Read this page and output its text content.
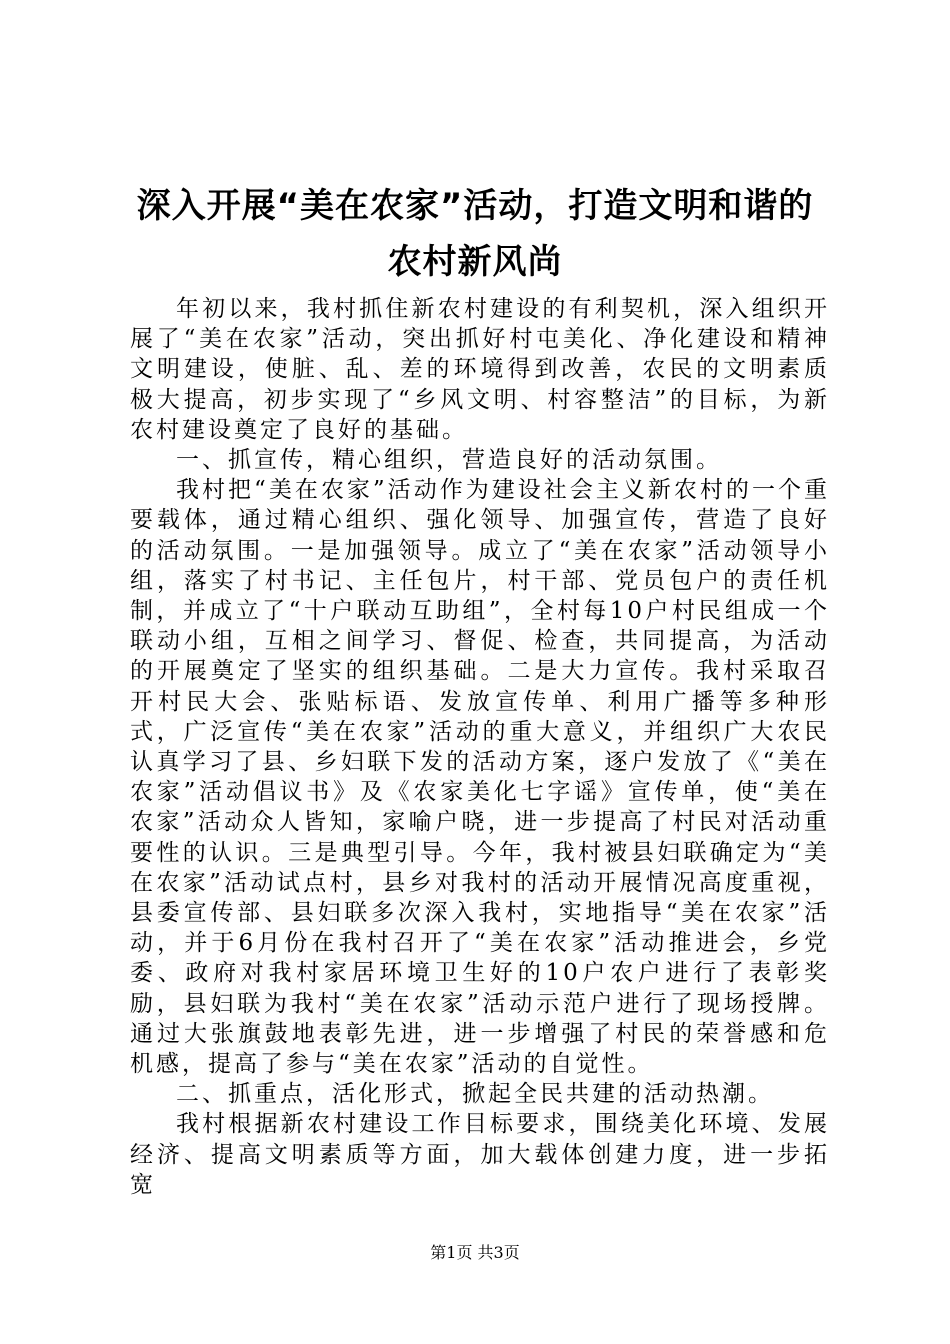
深入开展“美在农家”活动，打造文明和谐的
农村新风尚

年初以来，我村抓住新农村建设的有利契机，深入组织开展了“美在农家”活动，突出抓好村屯美化、净化建设和精神文明建设，使脏、乱、差的环境得到改善，农民的文明素质极大提高，初步实现了“乡风文明、村容整洁”的目标，为新农村建设奠定了良好的基础。

一、抓宣传，精心组织，营造良好的活动氛围。

我村把“美在农家”活动作为建设社会主义新农村的一个重要载体，通过精心组织、强化领导、加强宣传，营造了良好的活动氛围。一是加强领导。成立了“美在农家”活动领导小组，落实了村书记、主任包片，村干部、党员包户的责任机制，并成立了“十户联动互助组”，全村每10户村民组成一个联动小组，互相之间学习、督促、检查，共同提高，为活动的开展奠定了坚实的组织基础。二是大力宣传。我村采取召开村民大会、张贴标语、发放宣传单、利用广播等多种形式，广泛宣传“美在农家”活动的重大意义，并组织广大农民认真学习了县、乡妇联下发的活动方案，逐户发放了《“美在农家”活动倡议书》及《农家美化七字谣》宣传单，使“美在农家”活动众人皆知，家喻户晓，进一步提高了村民对活动重要性的认识。三是典型引导。今年，我村被县妇联确定为“美在农家”活动试点村，县乡对我村的活动开展情况高度重视，县委宣传部、县妇联多次深入我村，实地指导“美在农家”活动，并于6月份在我村召开了“美在农家”活动推进会，乡党委、政府对我村家居环境卫生好的10户农户进行了表彰奖励，县妇联为我村“美在农家”活动示范户进行了现场授牌。通过大张旗鼓地表彰先进，进一步增强了村民的荣誉感和危机感，提高了参与“美在农家”活动的自觉性。

二、抓重点，活化形式，掀起全民共建的活动热潮。

我村根据新农村建设工作目标要求，围绕美化环境、发展经济、提高文明素质等方面，加大载体创建力度，进一步拓宽

第1页 共3页
